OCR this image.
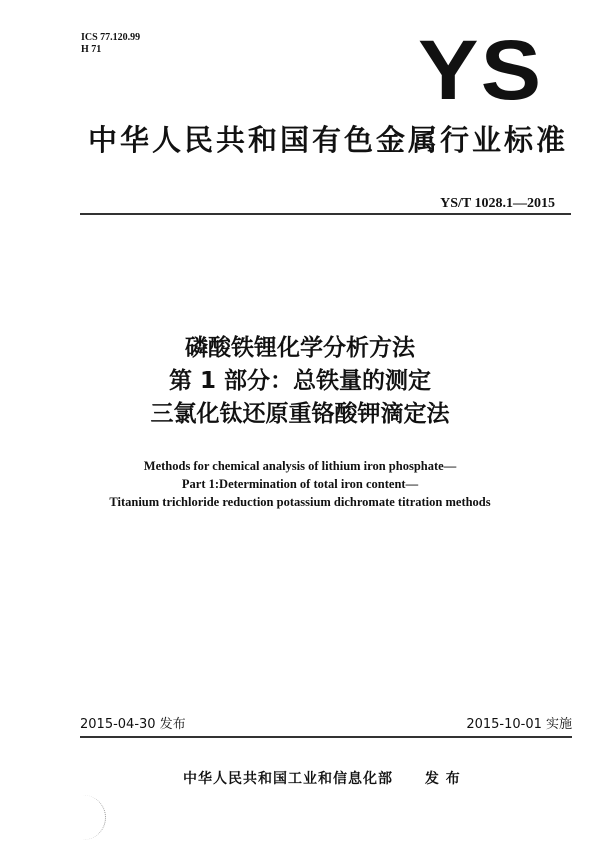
ICS 77.120.99
H 71	YS
中华人民共和国有色金属行业标准
YS/T 1028.1—2015
磷酸铁锂化学分析方法
第 1 部分：总铁量的测定
三氯化钛还原重铬酸钾滴定法
Methods for chemical analysis of lithium iron phosphate—
Part 1:Determination of total iron content—
Titanium trichloride reduction potassium dichromate titration methods
2015-04-30 发布	2015-10-01 实施
中华人民共和国工业和信息化部 发 布
